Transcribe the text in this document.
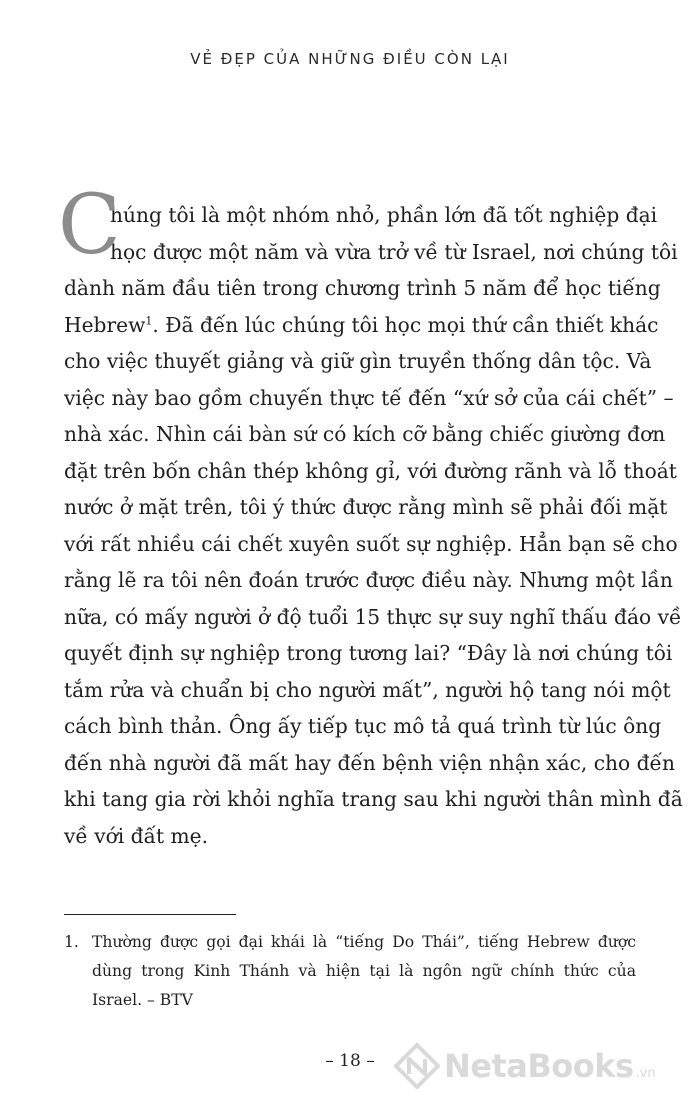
VẺ ĐẸP CỦA NHỮNG ĐIỀU CÒN LẠI
C
húng tôi là một nhóm nhỏ, phần lớn đã tốt nghiệp đại
học được một năm và vừa trở về từ Israel, nơi chúng tôi
dành năm đầu tiên trong chương trình 5 năm để học tiếng
Hebrew$^1$. Đã đến lúc chúng tôi học mọi thứ cần thiết khác
cho việc thuyết giảng và giữ gìn truyền thống dân tộc. Và
việc này bao gồm chuyến thực tế đến “xứ sở của cái chết” –
nhà xác. Nhìn cái bàn sứ có kích cỡ bằng chiếc giường đơn
đặt trên bốn chân thép không gỉ, với đường rãnh và lỗ thoát
nước ở mặt trên, tôi ý thức được rằng mình sẽ phải đối mặt
với rất nhiều cái chết xuyên suốt sự nghiệp. Hẳn bạn sẽ cho
rằng lẽ ra tôi nên đoán trước được điều này. Nhưng một lần
nữa, có mấy người ở độ tuổi 15 thực sự suy nghĩ thấu đáo về
quyết định sự nghiệp trong tương lai? “Đây là nơi chúng tôi
tắm rửa và chuẩn bị cho người mất”, người hộ tang nói một
cách bình thản. Ông ấy tiếp tục mô tả quá trình từ lúc ông
đến nhà người đã mất hay đến bệnh viện nhận xác, cho đến
khi tang gia rời khỏi nghĩa trang sau khi người thân mình đã
về với đất mẹ.
1. Thường được gọi đại khái là “tiếng Do Thái”, tiếng Hebrew được
dùng trong Kinh Thánh và hiện tại là ngôn ngữ chính thức của
Israel. – BTV
– 18 –	NetaBooks .vn
